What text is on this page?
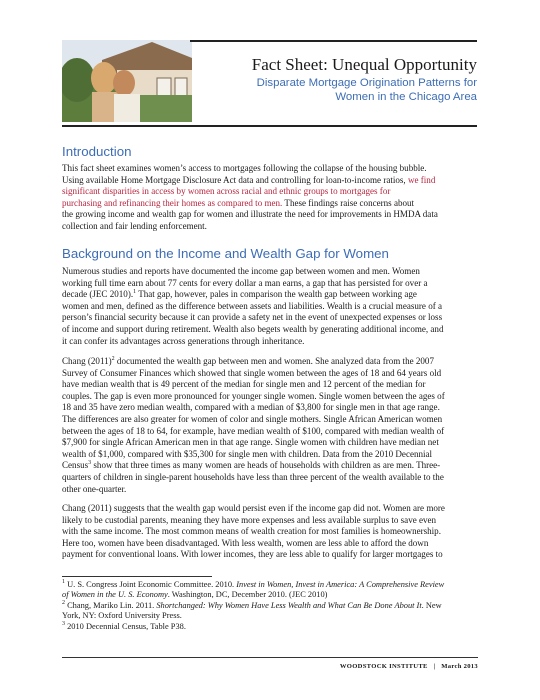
Fact Sheet: Unequal Opportunity
Disparate Mortgage Origination Patterns for
Women in the Chicago Area
Introduction
This fact sheet examines women’s access to mortgages following the collapse of the housing bubble.
Using available Home Mortgage Disclosure Act data and controlling for loan-to-income ratios, we find
significant disparities in access by women across racial and ethnic groups to mortgages for
purchasing and refinancing their homes as compared to men. These findings raise concerns about
the growing income and wealth gap for women and illustrate the need for improvements in HMDA data
collection and fair lending enforcement.
Background on the Income and Wealth Gap for Women
Numerous studies and reports have documented the income gap between women and men. Women
working full time earn about 77 cents for every dollar a man earns, a gap that has persisted for over a
decade (JEC 2010).$^1$ That gap, however, pales in comparison the wealth gap between working age
women and men, defined as the difference between assets and liabilities. Wealth is a crucial measure of a
person’s financial security because it can provide a safety net in the event of unexpected expenses or loss
of income and support during retirement. Wealth also begets wealth by generating additional income, and
it can confer its advantages across generations through inheritance.
Chang $(2011)^2$ documented the wealth gap between men and women. She analyzed data from the 2007
Survey of Consumer Finances which showed that single women between the ages of 18 and 64 years old
have median wealth that is 49 percent of the median for single men and 12 percent of the median for
couples. The gap is even more pronounced for younger single women. Single women between the ages of
18 and 35 have zero median wealth, compared with a median of $3,800 for single men in that age range.
The differences are also greater for women of color and single mothers. Single African American women
between the ages of 18 to 64, for example, have median wealth of $100, compared with median wealth of
$7,900 for single African American men in that age range. Single women with children have median net
wealth of $1,000, compared with $35,300 for single men with children. Data from the 2010 Decennial
Census$^3$ show that three times as many women are heads of households with children as are men. Three-
quarters of children in single-parent households have less than three percent of the wealth available to the
other one-quarter.
Chang (2011) suggests that the wealth gap would persist even if the income gap did not. Women are more
likely to be custodial parents, meaning they have more expenses and less available surplus to save even
with the same income. The most common means of wealth creation for most families is homeownership.
Here too, women have been disadvantaged. With less wealth, women are less able to afford the down
payment for conventional loans. With lower incomes, they are less able to qualify for larger mortgages to
$^1$ U. S. Congress Joint Economic Committee. 2010. Invest in Women, Invest in America: A Comprehensive Review
of Women in the U. S. Economy. Washington, DC, December 2010. (JEC 2010)
$^2$ Chang, Mariko Lin. 2011. Shortchanged: Why Women Have Less Wealth and What Can Be Done About It. New
York, NY: Oxford University Press.
$^3$ 2010 Decennial Census, Table P38.
WOODSTOCK INSTITUTE | March 2013
